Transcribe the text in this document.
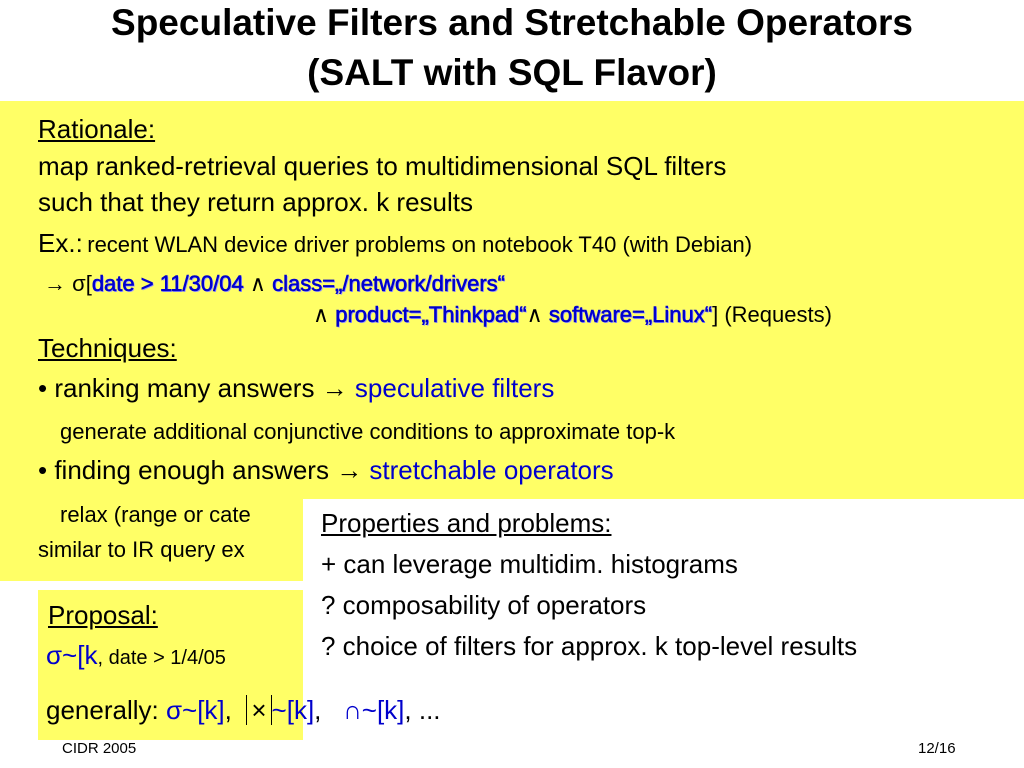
Speculative Filters and Stretchable Operators
(SALT with SQL Flavor)
Rationale:
map ranked-retrieval queries to multidimensional SQL filters
such that they return approx. k results
Ex.: recent WLAN device driver problems on notebook T40 (with Debian)
→ σ[date > 11/30/04 ∧ class=„/network/drivers“
∧ product=„Thinkpad“∧ software=„Linux“] (Requests)
Techniques:
• ranking many answers → speculative filters
generate additional conjunctive conditions to approximate top-k
• finding enough answers → stretchable operators
relax (range or cate
similar to IR query ex
Proposal:
σ~[k, date > 1/4/05
Properties and problems:
+ can leverage multidim. histograms
? composability of operators
? choice of filters for approx. k top-level results
generally: σ~[k], × ~[k], ∩~[k], ...
CIDR 2005	12/16
